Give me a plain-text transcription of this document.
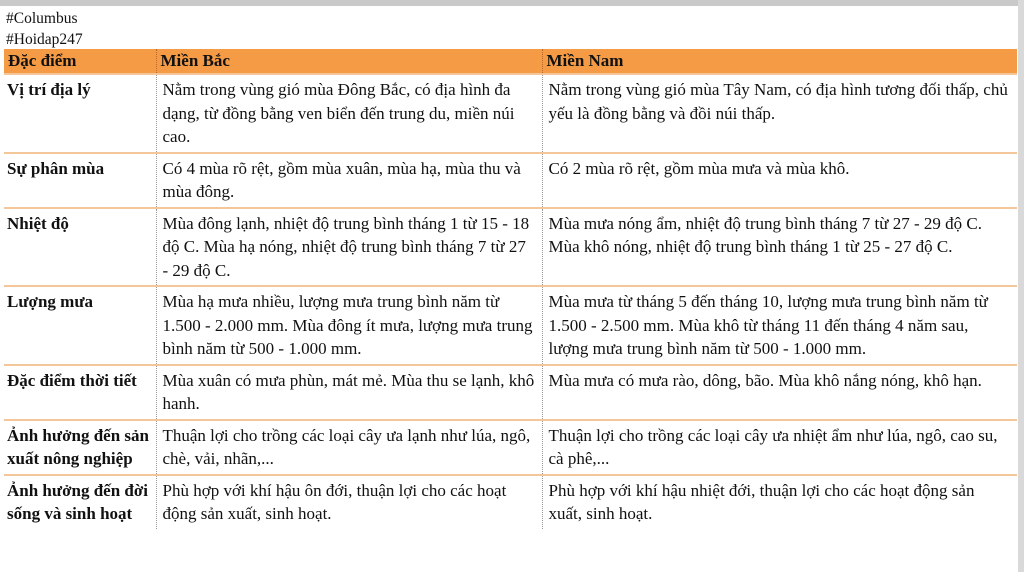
#Columbus
#Hoidap247
Đặc điểm	Miền Bắc	Miền Nam
Vị trí địa lý	Nằm trong vùng gió mùa Đông Bắc, có địa hình đa dạng, từ đồng bằng ven biển đến trung du, miền núi cao.	Nằm trong vùng gió mùa Tây Nam, có địa hình tương đối thấp, chủ yếu là đồng bằng và đồi núi thấp.
Sự phân mùa	Có 4 mùa rõ rệt, gồm mùa xuân, mùa hạ, mùa thu và mùa đông.	Có 2 mùa rõ rệt, gồm mùa mưa và mùa khô.
Nhiệt độ	Mùa đông lạnh, nhiệt độ trung bình tháng 1 từ 15 - 18 độ C. Mùa hạ nóng, nhiệt độ trung bình tháng 7 từ 27 - 29 độ C.	Mùa mưa nóng ẩm, nhiệt độ trung bình tháng 7 từ 27 - 29 độ C. Mùa khô nóng, nhiệt độ trung bình tháng 1 từ 25 - 27 độ C.
Lượng mưa	Mùa hạ mưa nhiều, lượng mưa trung bình năm từ 1.500 - 2.000 mm. Mùa đông ít mưa, lượng mưa trung bình năm từ 500 - 1.000 mm.	Mùa mưa từ tháng 5 đến tháng 10, lượng mưa trung bình năm từ 1.500 - 2.500 mm. Mùa khô từ tháng 11 đến tháng 4 năm sau, lượng mưa trung bình năm từ 500 - 1.000 mm.
Đặc điểm thời tiết	Mùa xuân có mưa phùn, mát mẻ. Mùa thu se lạnh, khô hanh.	Mùa mưa có mưa rào, dông, bão. Mùa khô nắng nóng, khô hạn.
Ảnh hưởng đến sản xuất nông nghiệp	Thuận lợi cho trồng các loại cây ưa lạnh như lúa, ngô, chè, vải, nhãn,...	Thuận lợi cho trồng các loại cây ưa nhiệt ẩm như lúa, ngô, cao su, cà phê,...
Ảnh hưởng đến đời sống và sinh hoạt	Phù hợp với khí hậu ôn đới, thuận lợi cho các hoạt động sản xuất, sinh hoạt.	Phù hợp với khí hậu nhiệt đới, thuận lợi cho các hoạt động sản xuất, sinh hoạt.
